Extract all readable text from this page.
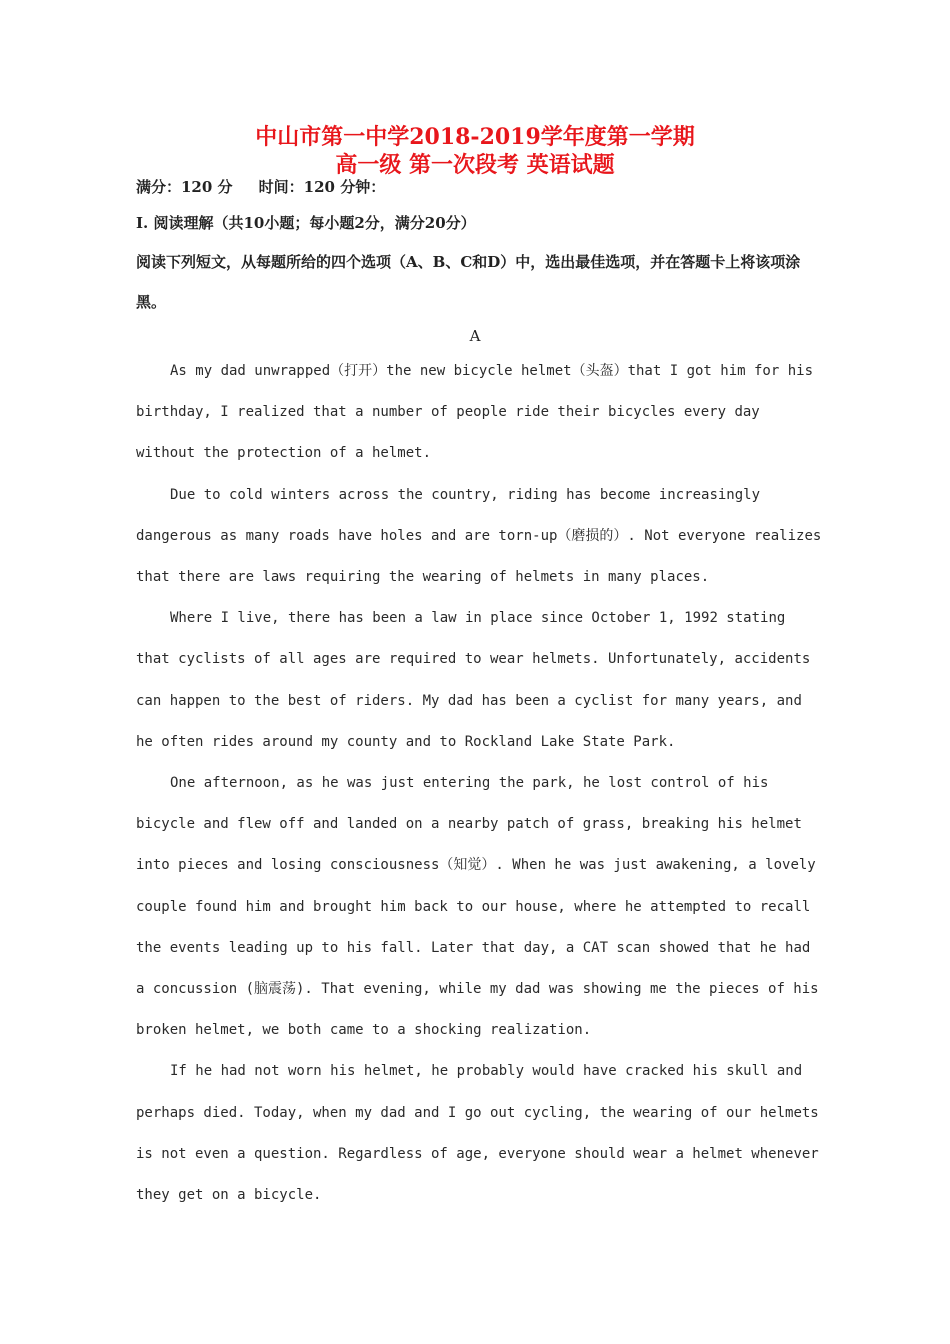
中山市第一中学2018-2019学年度第一学期
高一级 第一次段考 英语试题
满分：120 分 时间：120 分钟：
I. 阅读理解（共10小题；每小题2分，满分20分）

阅读下列短文，从每题所给的四个选项（A、B、C和D）中，选出最佳选项，并在答题卡上将该项涂黑。

A

As my dad unwrapped（打开）the new bicycle helmet（头盔）that I got him for his birthday, I realized that a number of people ride their bicycles every day without the protection of a helmet.

Due to cold winters across the country, riding has become increasingly dangerous as many roads have holes and are torn-up（磨损的）. Not everyone realizes that there are laws requiring the wearing of helmets in many places.

Where I live, there has been a law in place since October 1, 1992 stating that cyclists of all ages are required to wear helmets. Unfortunately, accidents can happen to the best of riders. My dad has been a cyclist for many years, and he often rides around my county and to Rockland Lake State Park.

One afternoon, as he was just entering the park, he lost control of his bicycle and flew off and landed on a nearby patch of grass, breaking his helmet into pieces and losing consciousness（知觉）. When he was just awakening, a lovely couple found him and brought him back to our house, where he attempted to recall the events leading up to his fall. Later that day, a CAT scan showed that he had a concussion (脑震荡). That evening, while my dad was showing me the pieces of his broken helmet, we both came to a shocking realization.

If he had not worn his helmet, he probably would have cracked his skull and perhaps died. Today, when my dad and I go out cycling, the wearing of our helmets is not even a question. Regardless of age, everyone should wear a helmet whenever they get on a bicycle.
